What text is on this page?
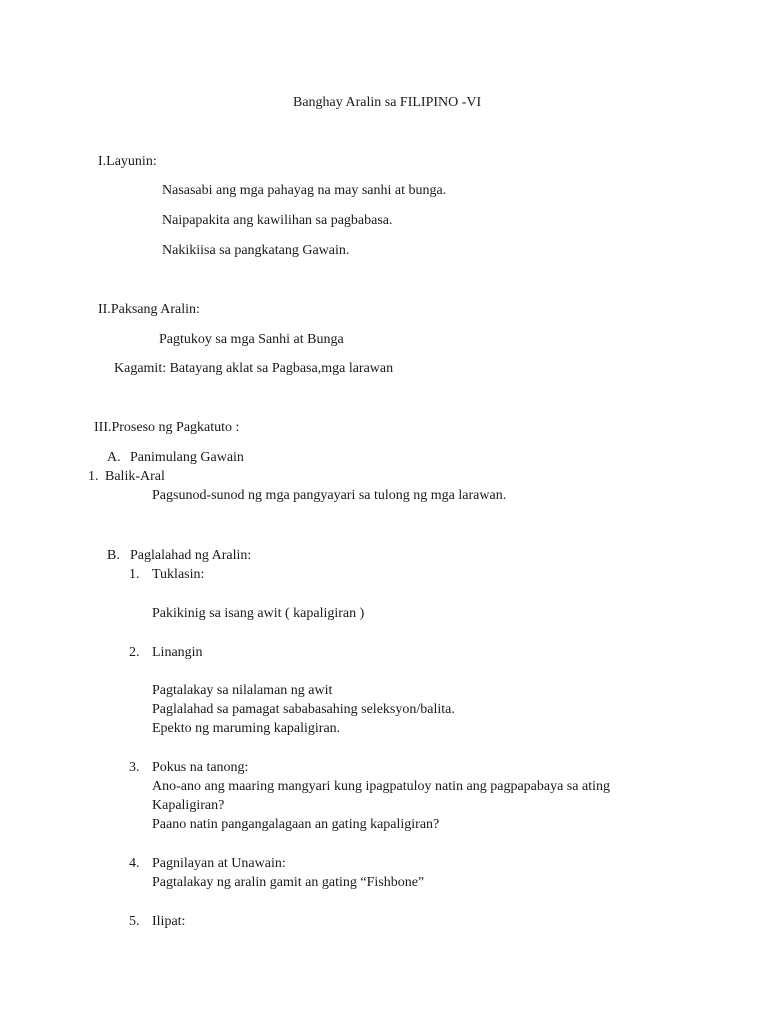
Banghay Aralin sa FILIPINO -VI
I.Layunin:
Nasasabi ang mga pahayag na may sanhi at bunga.
Naipapakita ang kawilihan sa pagbabasa.
Nakikiisa sa pangkatang Gawain.
II.Paksang Aralin:
Pagtukoy sa mga Sanhi at Bunga
Kagamit: Batayang aklat sa Pagbasa,mga larawan
III.Proseso ng Pagkatuto :
A. Panimulang Gawain
1. Balik-Aral
Pagsunod-sunod ng mga pangyayari sa tulong ng mga larawan.
B. Paglalahad ng Aralin:
1. Tuklasin:
Pakikinig sa isang awit ( kapaligiran )
2. Linangin
Pagtalakay sa nilalaman ng awit
Paglalahad sa pamagat sababasahing seleksyon/balita.
Epekto ng maruming kapaligiran.
3. Pokus na tanong:
Ano-ano ang maaring mangyari kung ipagpatuloy natin ang pagpapabaya sa ating
Kapaligiran?
Paano natin pangangalagaan an gating kapaligiran?
4. Pagnilayan at Unawain:
Pagtalakay ng aralin gamit an gating “Fishbone”
5. Ilipat:
